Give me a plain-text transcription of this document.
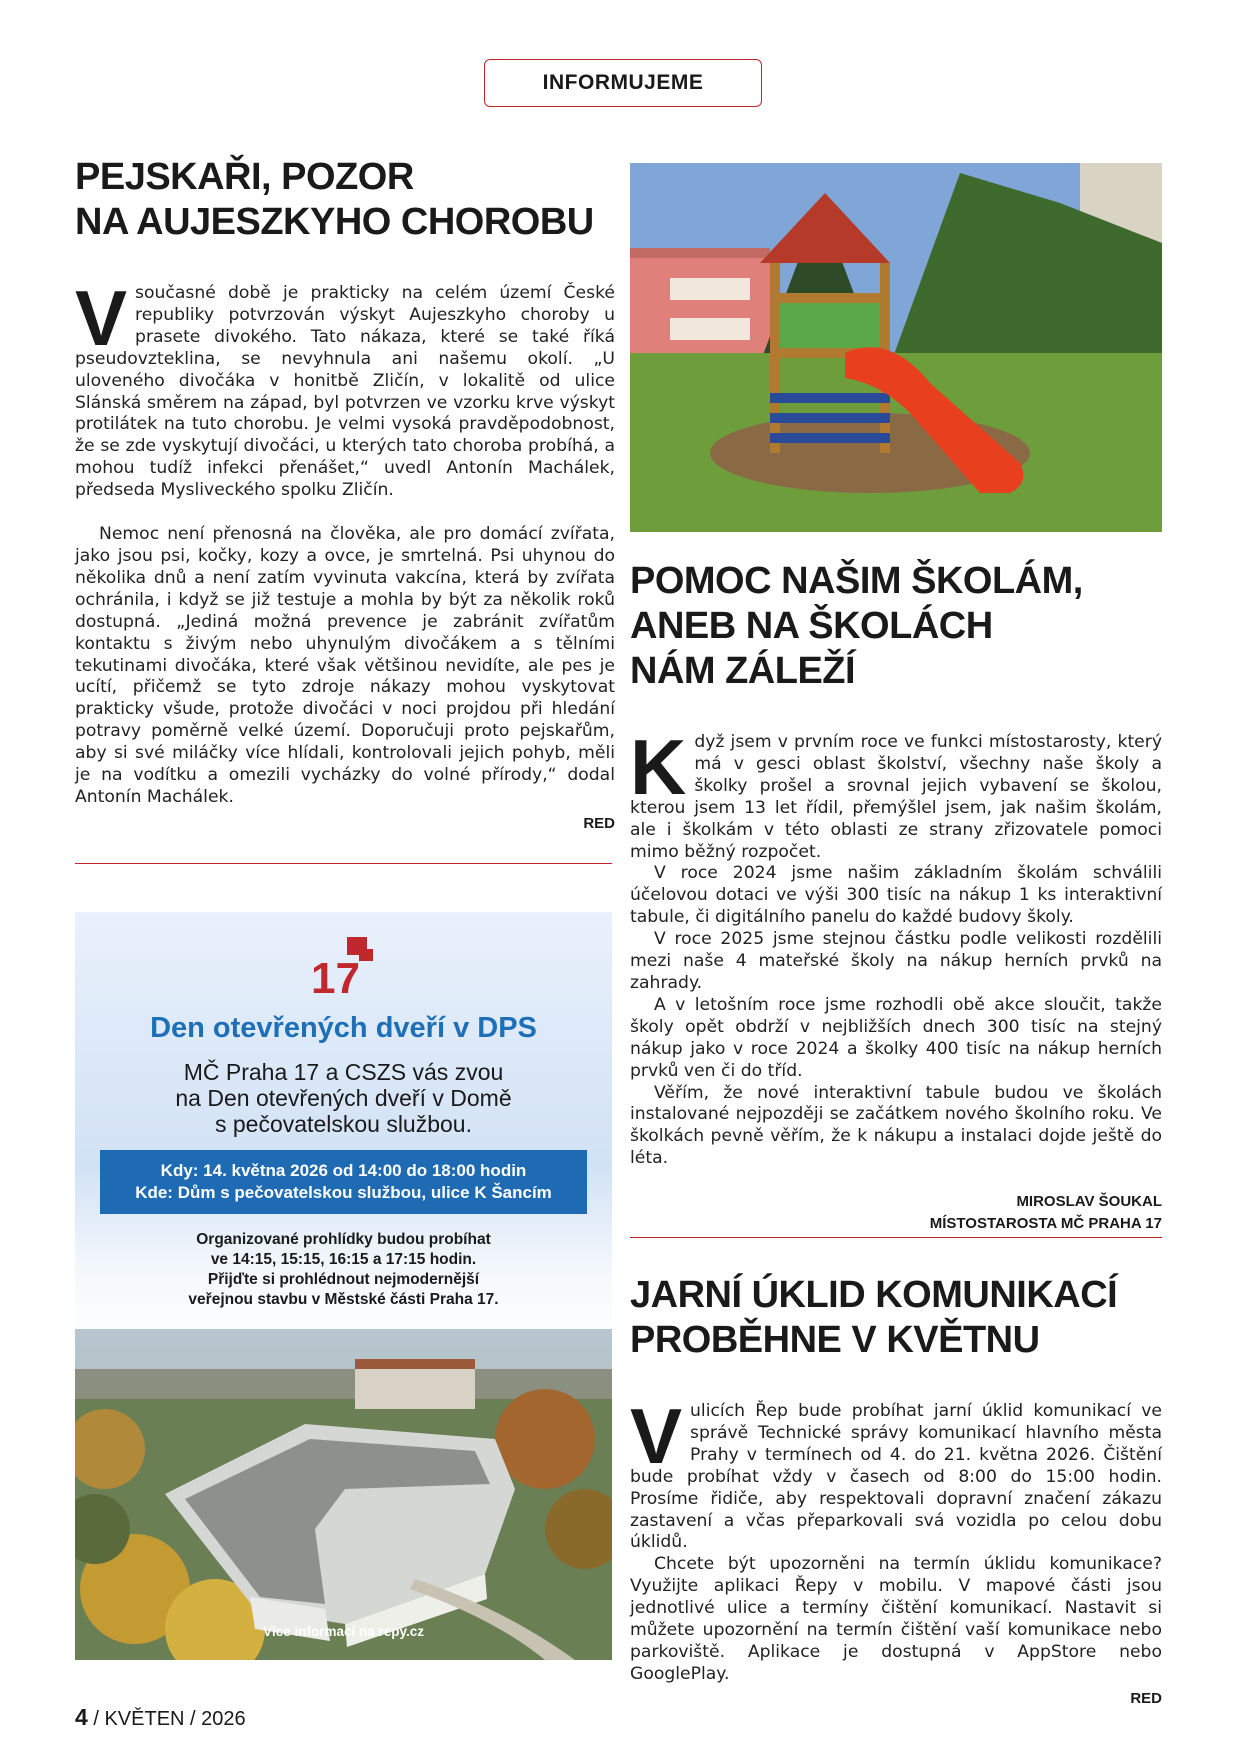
INFORMUJEME
PEJSKAŘI, POZOR
NA AUJESZKYHO CHOROBU

V současné době je prakticky na celém území České republiky potvrzován výskyt Aujeszkyho choroby u prasete divokého. Tato nákaza, které se také říká pseudovzteklina, se nevyhnula ani našemu okolí. „U uloveného divočáka v honitbě Zličín, v lokalitě od ulice Slánská směrem na západ, byl potvrzen ve vzorku krve výskyt protilátek na tuto chorobu. Je velmi vysoká pravděpodobnost, že se zde vyskytují divočáci, u kterých tato choroba probíhá, a mohou tudíž infekci přenášet,“ uvedl Antonín Machálek, předseda Mysliveckého spolku Zličín.

Nemoc není přenosná na člověka, ale pro domácí zvířata, jako jsou psi, kočky, kozy a ovce, je smrtelná. Psi uhynou do několika dnů a není zatím vyvinuta vakcína, která by zvířata ochránila, i když se již testuje a mohla by být za několik roků dostupná. „Jediná možná prevence je zabránit zvířatům kontaktu s živým nebo uhynulým divočákem a s tělními tekutinami divočáka, které však většinou nevidíte, ale pes je ucítí, přičemž se tyto zdroje nákazy mohou vyskytovat prakticky všude, protože divočáci v noci projdou při hledání potravy poměrně velké území. Doporučuji proto pejskařům, aby si své miláčky více hlídali, kontrolovali jejich pohyb, měli je na vodítku a omezili vycházky do volné přírody,“ dodal Antonín Machálek.

RED
17
Den otevřených dveří v DPS
MČ Praha 17 a CSZS vás zvou
na Den otevřených dveří v Domě
s pečovatelskou službou.
Kdy: 14. května 2026 od 14:00 do 18:00 hodin
Kde: Dům s pečovatelskou službou, ulice K Šancím
Organizované prohlídky budou probíhat
ve 14:15, 15:15, 16:15 a 17:15 hodin.
Přijďte si prohlédnout nejmodernější
veřejnou stavbu v Městské části Praha 17.
Více informací na repy.cz
POMOC NAŠIM ŠKOLÁM,
ANEB NA ŠKOLÁCH
NÁM ZÁLEŽÍ

Když jsem v prvním roce ve funkci místostarosty, který má v gesci oblast školství, všechny naše školy a školky prošel a srovnal jejich vybavení se školou, kterou jsem 13 let řídil, přemýšlel jsem, jak našim školám, ale i školkám v této oblasti ze strany zřizovatele pomoci mimo běžný rozpočet.

V roce 2024 jsme našim základním školám schválili účelovou dotaci ve výši 300 tisíc na nákup 1 ks interaktivní tabule, či digitálního panelu do každé budovy školy.

V roce 2025 jsme stejnou částku podle velikosti rozdělili mezi naše 4 mateřské školy na nákup herních prvků na zahrady.

A v letošním roce jsme rozhodli obě akce sloučit, takže školy opět obdrží v nejbližších dnech 300 tisíc na stejný nákup jako v roce 2024 a školky 400 tisíc na nákup herních prvků ven či do tříd.

Věřím, že nové interaktivní tabule budou ve školách instalované nejpozději se začátkem nového školního roku. Ve školkách pevně věřím, že k nákupu a instalaci dojde ještě do léta.

MIROSLAV ŠOUKAL
MÍSTOSTAROSTA MČ PRAHA 17
JARNÍ ÚKLID KOMUNIKACÍ
PROBĚHNE V KVĚTNU

V ulicích Řep bude probíhat jarní úklid komunikací ve správě Technické správy komunikací hlavního města Prahy v termínech od 4. do 21. května 2026. Čištění bude probíhat vždy v časech od 8:00 do 15:00 hodin. Prosíme řidiče, aby respektovali dopravní značení zákazu zastavení a včas přeparkovali svá vozidla po celou dobu úklidů.

Chcete být upozorněni na termín úklidu komunikace? Využijte aplikaci Řepy v mobilu. V mapové části jsou jednotlivé ulice a termíny čištění komunikací. Nastavit si můžete upozornění na termín čištění vaší komunikace nebo parkoviště. Aplikace je dostupná v AppStore nebo GooglePlay.

RED
4 / KVĚTEN / 2026
